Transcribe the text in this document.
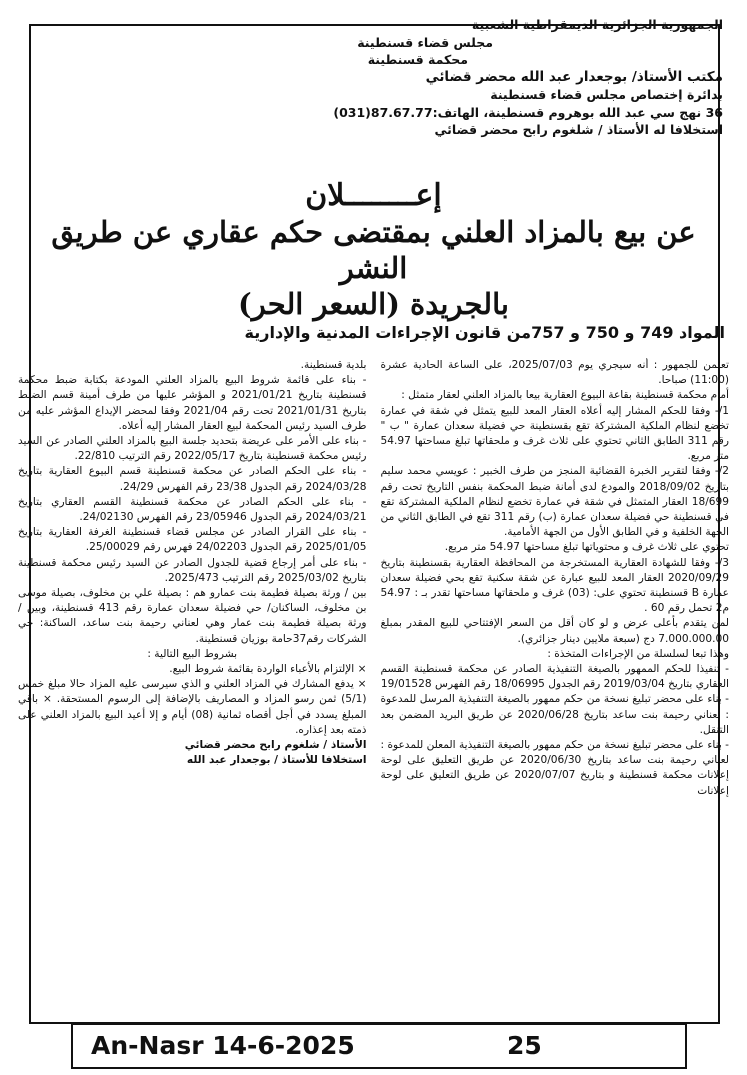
الجمهورية الجزائرية الديمقراطية الشعبية
مجلس قضاء قسنطينة
محكمة قسنطينة
مكتب الأستاذ/ بوجعدار عبد الله محضر قضائي
بدائرة إختصاص مجلس قضاء قسنطينة
36 نهج سي عبد الله بوهروم قسنطينة، الهاتف:87.67.77(031)
استخلافا له الأستاذ / شلغوم رابح محضر قضائي
إعــــــــلان
عن بيع بالمزاد العلني بمقتضى حكم عقاري عن طريق النشر
بالجريدة (السعر الحر)
المواد 749 و 750 و 757من قانون الإجراءات المدنية والإدارية

تعلمن للجمهور : أنه سيجري يوم 2025/07/03، على الساعة الحادية عشرة (11:00) صباحا.

أمام محكمة قسنطينة بقاعة البيوع العقارية بيعا بالمزاد العلني لعقار متمثل :

1/- وفقا للحكم المشار إليه أعلاه العقار المعد للبيع يتمثل في شقة في عمارة تخضع لنظام الملكية المشتركة تقع بقسنطينة حي فضيلة سعدان عمارة " ب " رقم 311 الطابق الثاني تحتوي على ثلاث غرف و ملحقاتها تبلغ مساحتها 54.97 متر مربع.

2/- وفقا لتقرير الخبرة القضائية المنجز من طرف الخبير : عويسي محمد سليم بتاريخ 2018/09/02 والمودع لدى أمانة ضبط المحكمة بنفس التاريخ تحت رقم 18/699 العقار المتمثل في شقة في عمارة تخضع لنظام الملكية المشتركة تقع في قسنطينة حي فضيلة سعدان عمارة (ب) رقم 311 تقع في الطابق الثاني من الجهة الخلفية و في الطابق الأول من الجهة الأمامية.

تحتوي على ثلاث غرف و محتوياتها تبلغ مساحتها 54.97 متر مربع.

3/- وفقا للشهادة العقارية المستخرجة من المحافظة العقارية بقسنطينة بتاريخ 2020/09/29 العقار المعد للبيع عبارة عن شقة سكنية تقع بحي فضيلة سعدان عمارة B قسنطينة تحتوي على: (03) غرف و ملحقاتها مساحتها تقدر بـ : 54.97 م2 تحمل رقم 60 .

لمن يتقدم بأعلى عرض و لو كان أقل من السعر الإفتتاحي للبيع المقدر بمبلغ 7.000.000.00 دج (سبعة ملايين دينار جزائري).

وهذا تبعا لسلسلة من الإجراءات المتخذة :

- تنفيذا للحكم الممهور بالصيغة التنفيذية الصادر عن محكمة قسنطينة القسم العقاري بتاريخ 2019/03/04 رقم الجدول 18/06995 رقم الفهرس 19/01528

- بناء على محضر تبليغ نسخة من حكم ممهور بالصيغة التنفيذية المرسل للمدعوة : لعناني رحيمة بنت ساعد بتاريخ 2020/06/28 عن طريق البريد المضمن بعد التنقل.

- بناء على محضر تبليغ نسخة من حكم ممهور بالصيغة التنفيذية المعلن للمدعوة : لعناني رحيمة بنت ساعد بتاريخ 2020/06/30 عن طريق التعليق على لوحة إعلانات محكمة قسنطينة و بتاريخ 2020/07/07 عن طريق التعليق على لوحة إعلانات

بلدية قسنطينة.

- بناء على قائمة شروط البيع بالمزاد العلني المودعة بكتابة ضبط محكمة قسنطينة بتاريخ 2021/01/21 و المؤشر عليها من طرف أمينة قسم الضبط بتاريخ 2021/01/31 تحت رقم 2021/04 وفقا لمحضر الإيداع المؤشر عليه من طرف السيد رئيس المحكمة لبيع العقار المشار إليه أعلاه.

- بناء على الأمر على عريضة بتحديد جلسة البيع بالمزاد العلني الصادر عن السيد رئيس محكمة قسنطينة بتاريخ 2022/05/17 رقم الترتيب 22/810.

- بناء على الحكم الصادر عن محكمة قسنطينة قسم البيوع العقارية بتاريخ 2024/03/28 رقم الجدول 23/38 رقم الفهرس 24/29.

- بناء على الحكم الصادر عن محكمة قسنطينة القسم العقاري بتاريخ 2024/03/21 رقم الجدول 23/05946 رقم الفهرس 24/02130.

- بناء على القرار الصادر عن مجلس قضاء قسنطينة الغرفة العقارية بتاريخ 2025/01/05 رقم الجدول 24/02203 فهرس رقم 25/00029.

- بناء على أمر إرجاع قضية للجدول الصادر عن السيد رئيس محكمة قسنطينة بتاريخ 2025/03/02 رقم الترتيب 2025/473.

بين / ورثة بصيلة فطيمة بنت عمارو هم : بصيلة علي بن مخلوف، بصيلة موسى بن مخلوف، الساكنان/ حي فضيلة سعدان عمارة رقم 413 قسنطينة، وبين / ورثة بصيلة فطيمة بنت عمار وهي لعناني رحيمة بنت ساعد، الساكنة: حي الشركات رقم37حامة بوزيان قسنطينة.

بشروط البيع التالية :

× الإلتزام بالأعباء الواردة بقائمة شروط البيع.

× يدفع المشارك في المزاد العلني و الذي سيرسى عليه المزاد حالا مبلغ خمس (5/1) ثمن رسو المزاد و المصاريف بالإضافة إلى الرسوم المستحقة. × باقي المبلغ يسدد في أجل أقصاه ثمانية (08) أيام و إلا أعيد البيع بالمزاد العلني على ذمته بعد إعذاره.

الأستاذ / شلغوم رابح محضر قضائي

استخلافا للأستاذ / بوجعدار عبد الله

An-Nasr 14-6-2025	25
